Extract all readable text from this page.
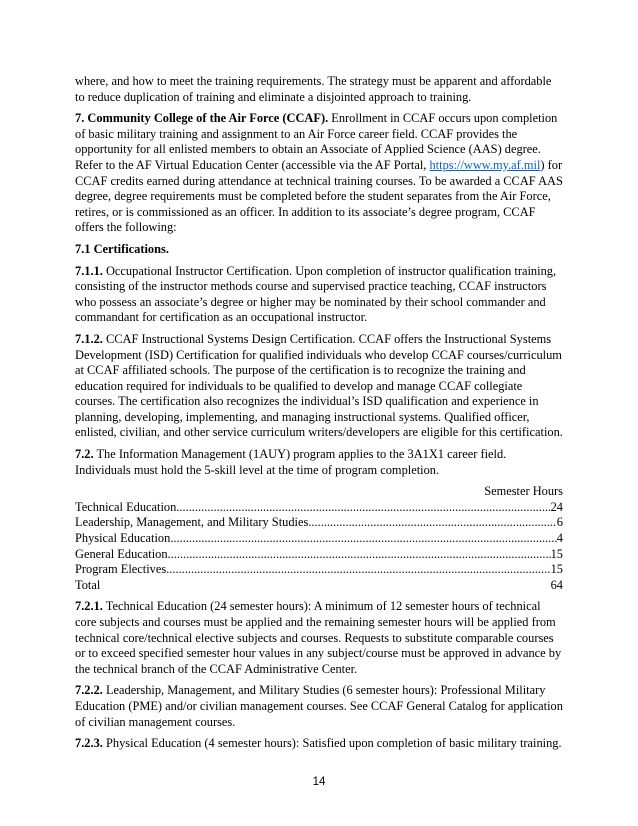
where, and how to meet the training requirements. The strategy must be apparent and affordable to reduce duplication of training and eliminate a disjointed approach to training.

7. Community College of the Air Force (CCAF). Enrollment in CCAF occurs upon completion of basic military training and assignment to an Air Force career field. CCAF provides the opportunity for all enlisted members to obtain an Associate of Applied Science (AAS) degree. Refer to the AF Virtual Education Center (accessible via the AF Portal, https://www.my.af.mil) for CCAF credits earned during attendance at technical training courses. To be awarded a CCAF AAS degree, degree requirements must be completed before the student separates from the Air Force, retires, or is commissioned as an officer. In addition to its associate’s degree program, CCAF offers the following:

7.1 Certifications.

7.1.1. Occupational Instructor Certification. Upon completion of instructor qualification training, consisting of the instructor methods course and supervised practice teaching, CCAF instructors who possess an associate’s degree or higher may be nominated by their school commander and commandant for certification as an occupational instructor.

7.1.2. CCAF Instructional Systems Design Certification. CCAF offers the Instructional Systems Development (ISD) Certification for qualified individuals who develop CCAF courses/curriculum at CCAF affiliated schools. The purpose of the certification is to recognize the training and education required for individuals to be qualified to develop and manage CCAF collegiate courses. The certification also recognizes the individual’s ISD qualification and experience in planning, developing, implementing, and managing instructional systems. Qualified officer, enlisted, civilian, and other service curriculum writers/developers are eligible for this certification.

7.2. The Information Management (1AUY) program applies to the 3A1X1 career field. Individuals must hold the 5-skill level at the time of program completion.

Semester Hours
Technical Education .....	24
Leadership, Management, and Military Studies .....	6
Physical Education .....	4
General Education .....	15
Program Electives .....	15
Total	64

7.2.1. Technical Education (24 semester hours): A minimum of 12 semester hours of technical core subjects and courses must be applied and the remaining semester hours will be applied from technical core/technical elective subjects and courses. Requests to substitute comparable courses or to exceed specified semester hour values in any subject/course must be approved in advance by the technical branch of the CCAF Administrative Center.

7.2.2. Leadership, Management, and Military Studies (6 semester hours): Professional Military Education (PME) and/or civilian management courses. See CCAF General Catalog for application of civilian management courses.

7.2.3. Physical Education (4 semester hours): Satisfied upon completion of basic military training.

14
